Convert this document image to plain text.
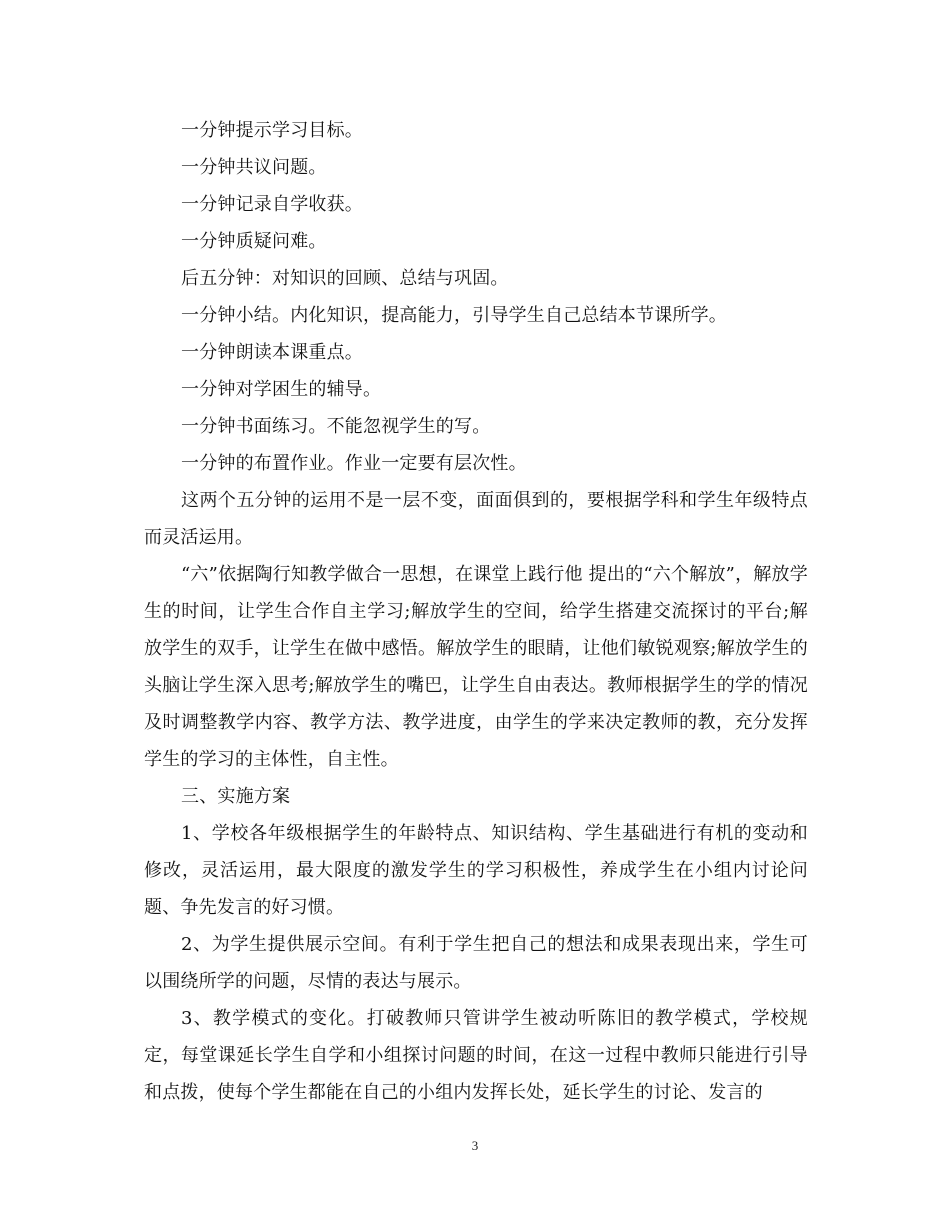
一分钟提示学习目标。

一分钟共议问题。

一分钟记录自学收获。

一分钟质疑问难。

后五分钟：对知识的回顾、总结与巩固。

一分钟小结。内化知识，提高能力，引导学生自己总结本节课所学。

一分钟朗读本课重点。

一分钟对学困生的辅导。

一分钟书面练习。不能忽视学生的写。

一分钟的布置作业。作业一定要有层次性。

这两个五分钟的运用不是一层不变，面面俱到的，要根据学科和学生年级特点而灵活运用。

“六”依据陶行知教学做合一思想，在课堂上践行他 提出的“六个解放”，解放学生的时间，让学生合作自主学习;解放学生的空间，给学生搭建交流探讨的平台;解放学生的双手，让学生在做中感悟。解放学生的眼睛，让他们敏锐观察;解放学生的头脑让学生深入思考;解放学生的嘴巴，让学生自由表达。教师根据学生的学的情况及时调整教学内容、教学方法、教学进度，由学生的学来决定教师的教，充分发挥学生的学习的主体性，自主性。

三、实施方案

1、学校各年级根据学生的年龄特点、知识结构、学生基础进行有机的变动和修改，灵活运用，最大限度的激发学生的学习积极性，养成学生在小组内讨论问题、争先发言的好习惯。

2、为学生提供展示空间。有利于学生把自己的想法和成果表现出来，学生可以围绕所学的问题，尽情的表达与展示。

3、教学模式的变化。打破教师只管讲学生被动听陈旧的教学模式，学校规定，每堂课延长学生自学和小组探讨问题的时间，在这一过程中教师只能进行引导和点拨，使每个学生都能在自己的小组内发挥长处，延长学生的讨论、发言的

3
